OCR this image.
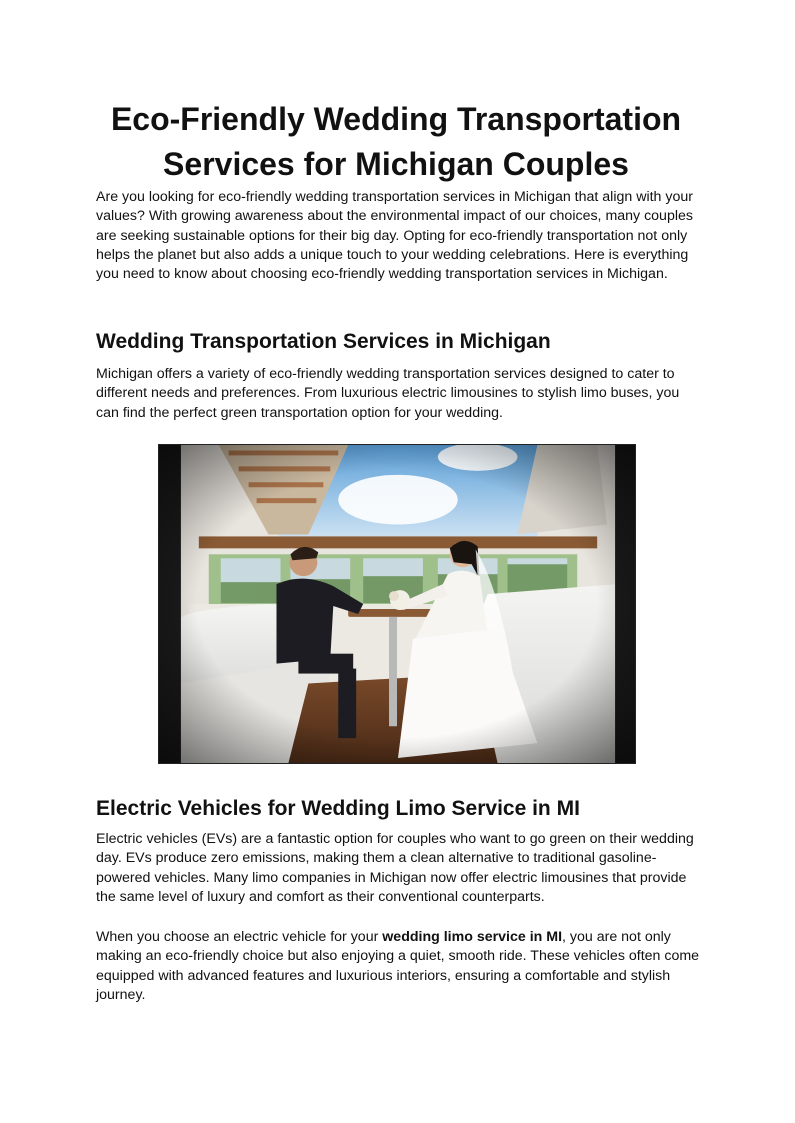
Eco-Friendly Wedding Transportation
Services for Michigan Couples

Are you looking for eco-friendly wedding transportation services in Michigan that align with your values? With growing awareness about the environmental impact of our choices, many couples are seeking sustainable options for their big day. Opting for eco-friendly transportation not only helps the planet but also adds a unique touch to your wedding celebrations. Here is everything you need to know about choosing eco-friendly wedding transportation services in Michigan.

Wedding Transportation Services in Michigan

Michigan offers a variety of eco-friendly wedding transportation services designed to cater to different needs and preferences. From luxurious electric limousines to stylish limo buses, you can find the perfect green transportation option for your wedding.

Electric Vehicles for Wedding Limo Service in MI

Electric vehicles (EVs) are a fantastic option for couples who want to go green on their wedding day. EVs produce zero emissions, making them a clean alternative to traditional gasoline-powered vehicles. Many limo companies in Michigan now offer electric limousines that provide the same level of luxury and comfort as their conventional counterparts.

When you choose an electric vehicle for your wedding limo service in MI, you are not only making an eco-friendly choice but also enjoying a quiet, smooth ride. These vehicles often come equipped with advanced features and luxurious interiors, ensuring a comfortable and stylish journey.
